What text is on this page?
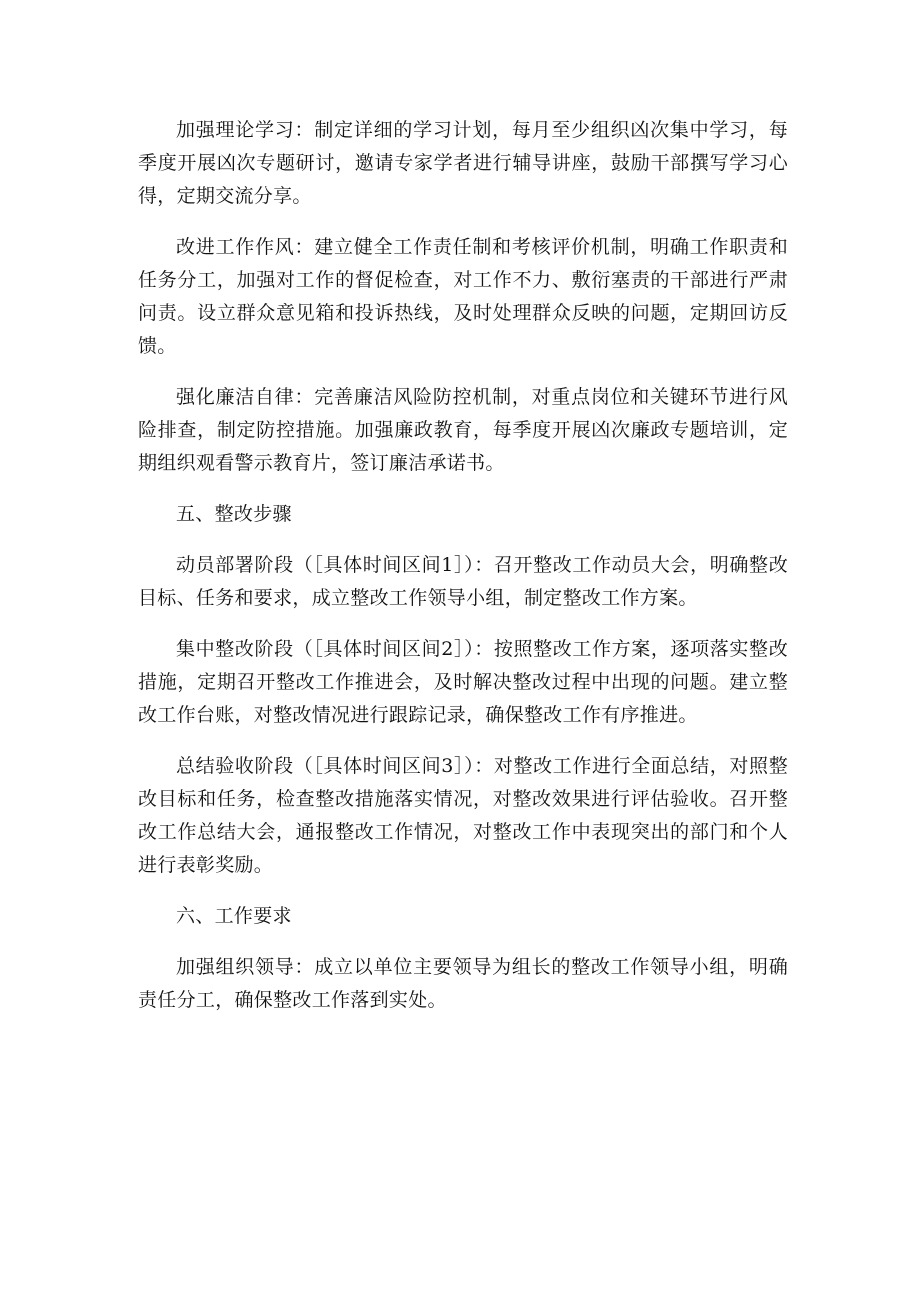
加强理论学习：制定详细的学习计划，每月至少组织凶次集中学习，每季度开展凶次专题研讨，邀请专家学者进行辅导讲座，鼓励干部撰写学习心得，定期交流分享。

改进工作作风：建立健全工作责任制和考核评价机制，明确工作职责和任务分工，加强对工作的督促检查，对工作不力、敷衍塞责的干部进行严肃问责。设立群众意见箱和投诉热线，及时处理群众反映的问题，定期回访反馈。

强化廉洁自律：完善廉洁风险防控机制，对重点岗位和关键环节进行风险排查，制定防控措施。加强廉政教育，每季度开展凶次廉政专题培训，定期组织观看警示教育片，签订廉洁承诺书。

五、整改步骤

动员部署阶段（［具体时间区间1］）：召开整改工作动员大会，明确整改目标、任务和要求，成立整改工作领导小组，制定整改工作方案。

集中整改阶段（［具体时间区间2］）：按照整改工作方案，逐项落实整改措施，定期召开整改工作推进会，及时解决整改过程中出现的问题。建立整改工作台账，对整改情况进行跟踪记录，确保整改工作有序推进。

总结验收阶段（［具体时间区间3］）：对整改工作进行全面总结，对照整改目标和任务，检查整改措施落实情况，对整改效果进行评估验收。召开整改工作总结大会，通报整改工作情况，对整改工作中表现突出的部门和个人进行表彰奖励。

六、工作要求

加强组织领导：成立以单位主要领导为组长的整改工作领导小组，明确责任分工，确保整改工作落到实处。
